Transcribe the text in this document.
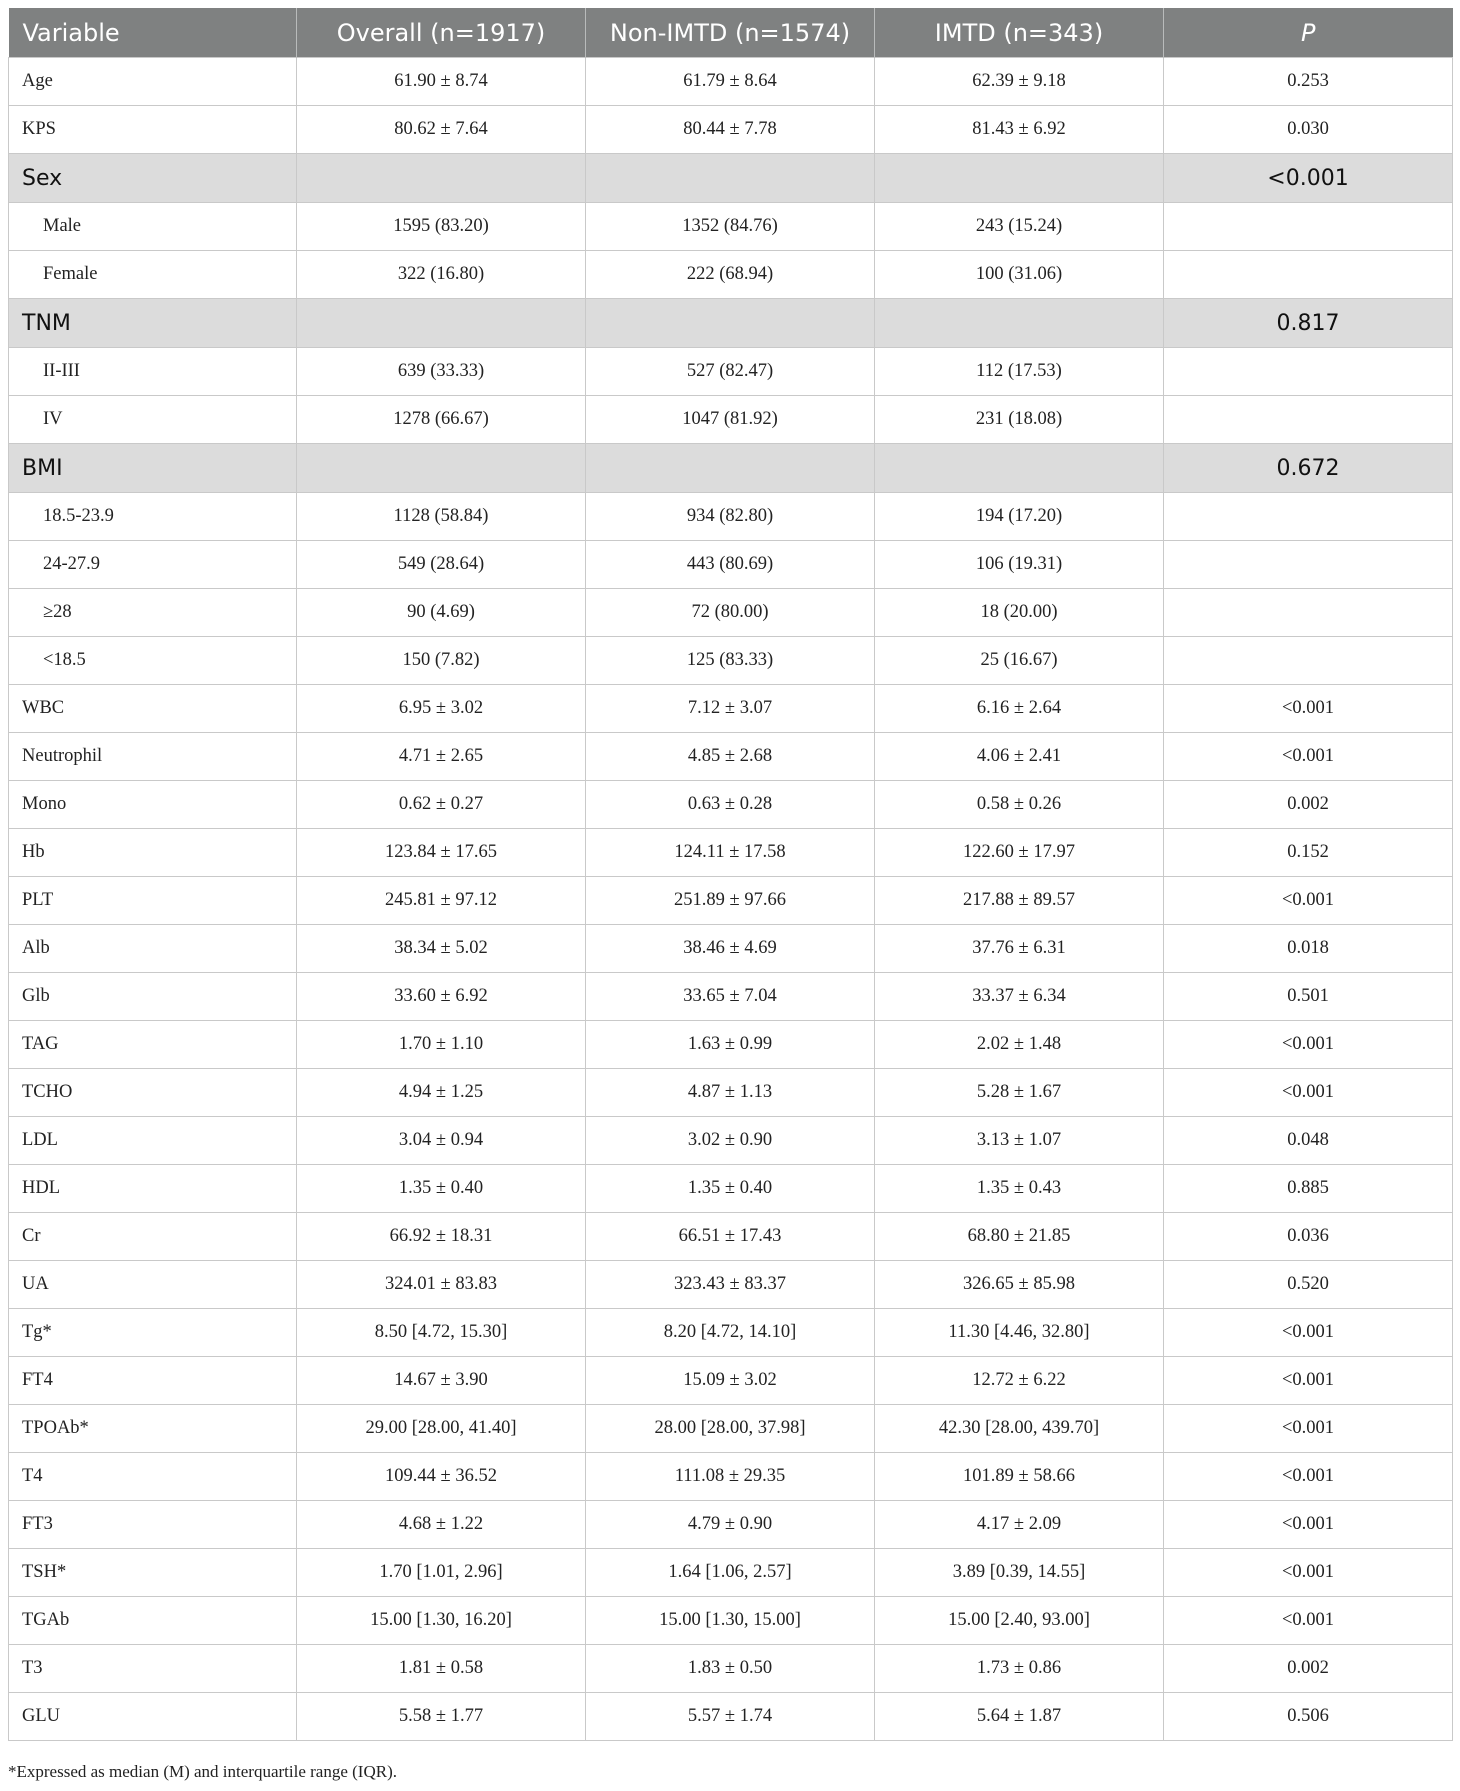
Variable	Overall (n=1917)	Non-IMTD (n=1574)	IMTD (n=343)	P
Age	61.90 ± 8.74	61.79 ± 8.64	62.39 ± 9.18	0.253
KPS	80.62 ± 7.64	80.44 ± 7.78	81.43 ± 6.92	0.030
Sex				<0.001
Male	1595 (83.20)	1352 (84.76)	243 (15.24)	
Female	322 (16.80)	222 (68.94)	100 (31.06)	
TNM				0.817
II-III	639 (33.33)	527 (82.47)	112 (17.53)	
IV	1278 (66.67)	1047 (81.92)	231 (18.08)	
BMI				0.672
18.5-23.9	1128 (58.84)	934 (82.80)	194 (17.20)	
24-27.9	549 (28.64)	443 (80.69)	106 (19.31)	
≥28	90 (4.69)	72 (80.00)	18 (20.00)	
<18.5	150 (7.82)	125 (83.33)	25 (16.67)	
WBC	6.95 ± 3.02	7.12 ± 3.07	6.16 ± 2.64	<0.001
Neutrophil	4.71 ± 2.65	4.85 ± 2.68	4.06 ± 2.41	<0.001
Mono	0.62 ± 0.27	0.63 ± 0.28	0.58 ± 0.26	0.002
Hb	123.84 ± 17.65	124.11 ± 17.58	122.60 ± 17.97	0.152
PLT	245.81 ± 97.12	251.89 ± 97.66	217.88 ± 89.57	<0.001
Alb	38.34 ± 5.02	38.46 ± 4.69	37.76 ± 6.31	0.018
Glb	33.60 ± 6.92	33.65 ± 7.04	33.37 ± 6.34	0.501
TAG	1.70 ± 1.10	1.63 ± 0.99	2.02 ± 1.48	<0.001
TCHO	4.94 ± 1.25	4.87 ± 1.13	5.28 ± 1.67	<0.001
LDL	3.04 ± 0.94	3.02 ± 0.90	3.13 ± 1.07	0.048
HDL	1.35 ± 0.40	1.35 ± 0.40	1.35 ± 0.43	0.885
Cr	66.92 ± 18.31	66.51 ± 17.43	68.80 ± 21.85	0.036
UA	324.01 ± 83.83	323.43 ± 83.37	326.65 ± 85.98	0.520
Tg*	8.50 [4.72, 15.30]	8.20 [4.72, 14.10]	11.30 [4.46, 32.80]	<0.001
FT4	14.67 ± 3.90	15.09 ± 3.02	12.72 ± 6.22	<0.001
TPOAb*	29.00 [28.00, 41.40]	28.00 [28.00, 37.98]	42.30 [28.00, 439.70]	<0.001
T4	109.44 ± 36.52	111.08 ± 29.35	101.89 ± 58.66	<0.001
FT3	4.68 ± 1.22	4.79 ± 0.90	4.17 ± 2.09	<0.001
TSH*	1.70 [1.01, 2.96]	1.64 [1.06, 2.57]	3.89 [0.39, 14.55]	<0.001
TGAb	15.00 [1.30, 16.20]	15.00 [1.30, 15.00]	15.00 [2.40, 93.00]	<0.001
T3	1.81 ± 0.58	1.83 ± 0.50	1.73 ± 0.86	0.002
GLU	5.58 ± 1.77	5.57 ± 1.74	5.64 ± 1.87	0.506
*Expressed as median (M) and interquartile range (IQR).
